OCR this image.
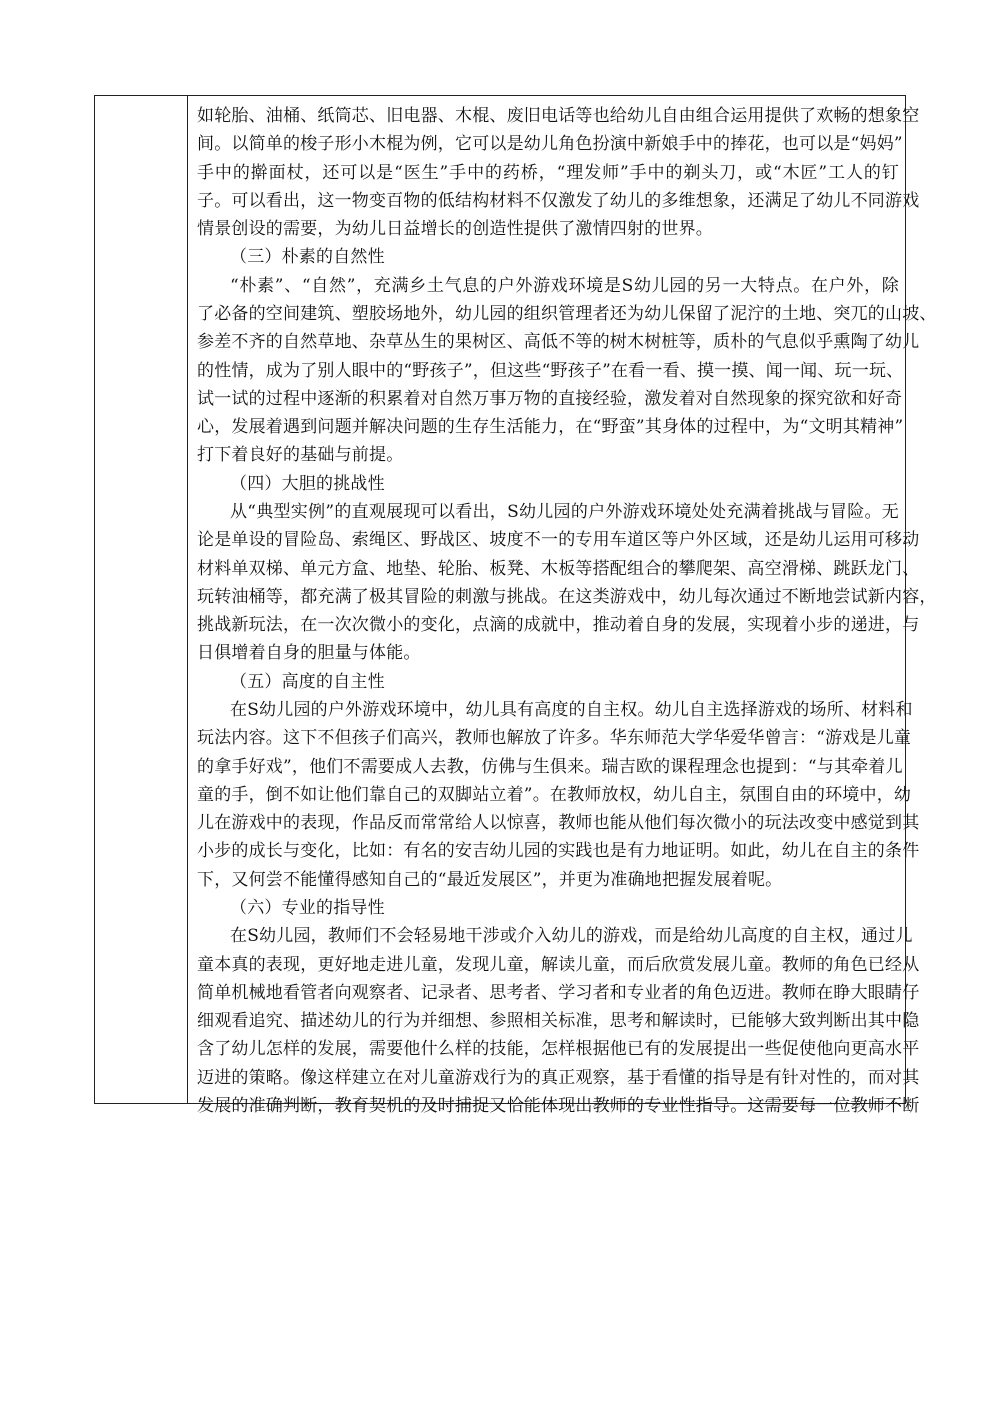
如轮胎、油桶、纸筒芯、旧电器、木棍、废旧电话等也给幼儿自由组合运用提供了欢畅的想象空
间。以简单的梭子形小木棍为例，它可以是幼儿角色扮演中新娘手中的捧花，也可以是“妈妈”
手中的擀面杖，还可以是“医生”手中的药桥，“理发师”手中的剃头刀，或“木匠”工人的钉
子。可以看出，这一物变百物的低结构材料不仅激发了幼儿的多维想象，还满足了幼儿不同游戏
情景创设的需要，为幼儿日益增长的创造性提供了激情四射的世界。
（三）朴素的自然性
“朴素”、“自然”，充满乡土气息的户外游戏环境是S幼儿园的另一大特点。在户外，除
了必备的空间建筑、塑胶场地外，幼儿园的组织管理者还为幼儿保留了泥泞的土地、突兀的山坡、
参差不齐的自然草地、杂草丛生的果树区、高低不等的树木树桩等，质朴的气息似乎熏陶了幼儿
的性情，成为了别人眼中的“野孩子”，但这些“野孩子”在看一看、摸一摸、闻一闻、玩一玩、
试一试的过程中逐渐的积累着对自然万事万物的直接经验，激发着对自然现象的探究欲和好奇
心，发展着遇到问题并解决问题的生存生活能力，在“野蛮”其身体的过程中，为“文明其精神”
打下着良好的基础与前提。
（四）大胆的挑战性
从“典型实例”的直观展现可以看出，S幼儿园的户外游戏环境处处充满着挑战与冒险。无
论是单设的冒险岛、索绳区、野战区、坡度不一的专用车道区等户外区域，还是幼儿运用可移动
材料单双梯、单元方盒、地垫、轮胎、板凳、木板等搭配组合的攀爬架、高空滑梯、跳跃龙门、
玩转油桶等，都充满了极其冒险的刺激与挑战。在这类游戏中，幼儿每次通过不断地尝试新内容，
挑战新玩法，在一次次微小的变化，点滴的成就中，推动着自身的发展，实现着小步的递进，与
日俱增着自身的胆量与体能。
（五）高度的自主性
在S幼儿园的户外游戏环境中，幼儿具有高度的自主权。幼儿自主选择游戏的场所、材料和
玩法内容。这下不但孩子们高兴，教师也解放了许多。华东师范大学华爱华曾言：“游戏是儿童
的拿手好戏”，他们不需要成人去教，仿佛与生俱来。瑞吉欧的课程理念也提到：“与其牵着儿
童的手，倒不如让他们靠自己的双脚站立着”。在教师放权，幼儿自主，氛围自由的环境中，幼
儿在游戏中的表现，作品反而常常给人以惊喜，教师也能从他们每次微小的玩法改变中感觉到其
小步的成长与变化，比如：有名的安吉幼儿园的实践也是有力地证明。如此，幼儿在自主的条件
下，又何尝不能懂得感知自己的“最近发展区”，并更为准确地把握发展着呢。
（六）专业的指导性
在S幼儿园，教师们不会轻易地干涉或介入幼儿的游戏，而是给幼儿高度的自主权，通过儿
童本真的表现，更好地走进儿童，发现儿童，解读儿童，而后欣赏发展儿童。教师的角色已经从
简单机械地看管者向观察者、记录者、思考者、学习者和专业者的角色迈进。教师在睁大眼睛仔
细观看追究、描述幼儿的行为并细想、参照相关标准，思考和解读时，已能够大致判断出其中隐
含了幼儿怎样的发展，需要他什么样的技能，怎样根据他已有的发展提出一些促使他向更高水平
迈进的策略。像这样建立在对儿童游戏行为的真正观察，基于看懂的指导是有针对性的，而对其
发展的准确判断，教育契机的及时捕捉又恰能体现出教师的专业性指导。这需要每一位教师不断
